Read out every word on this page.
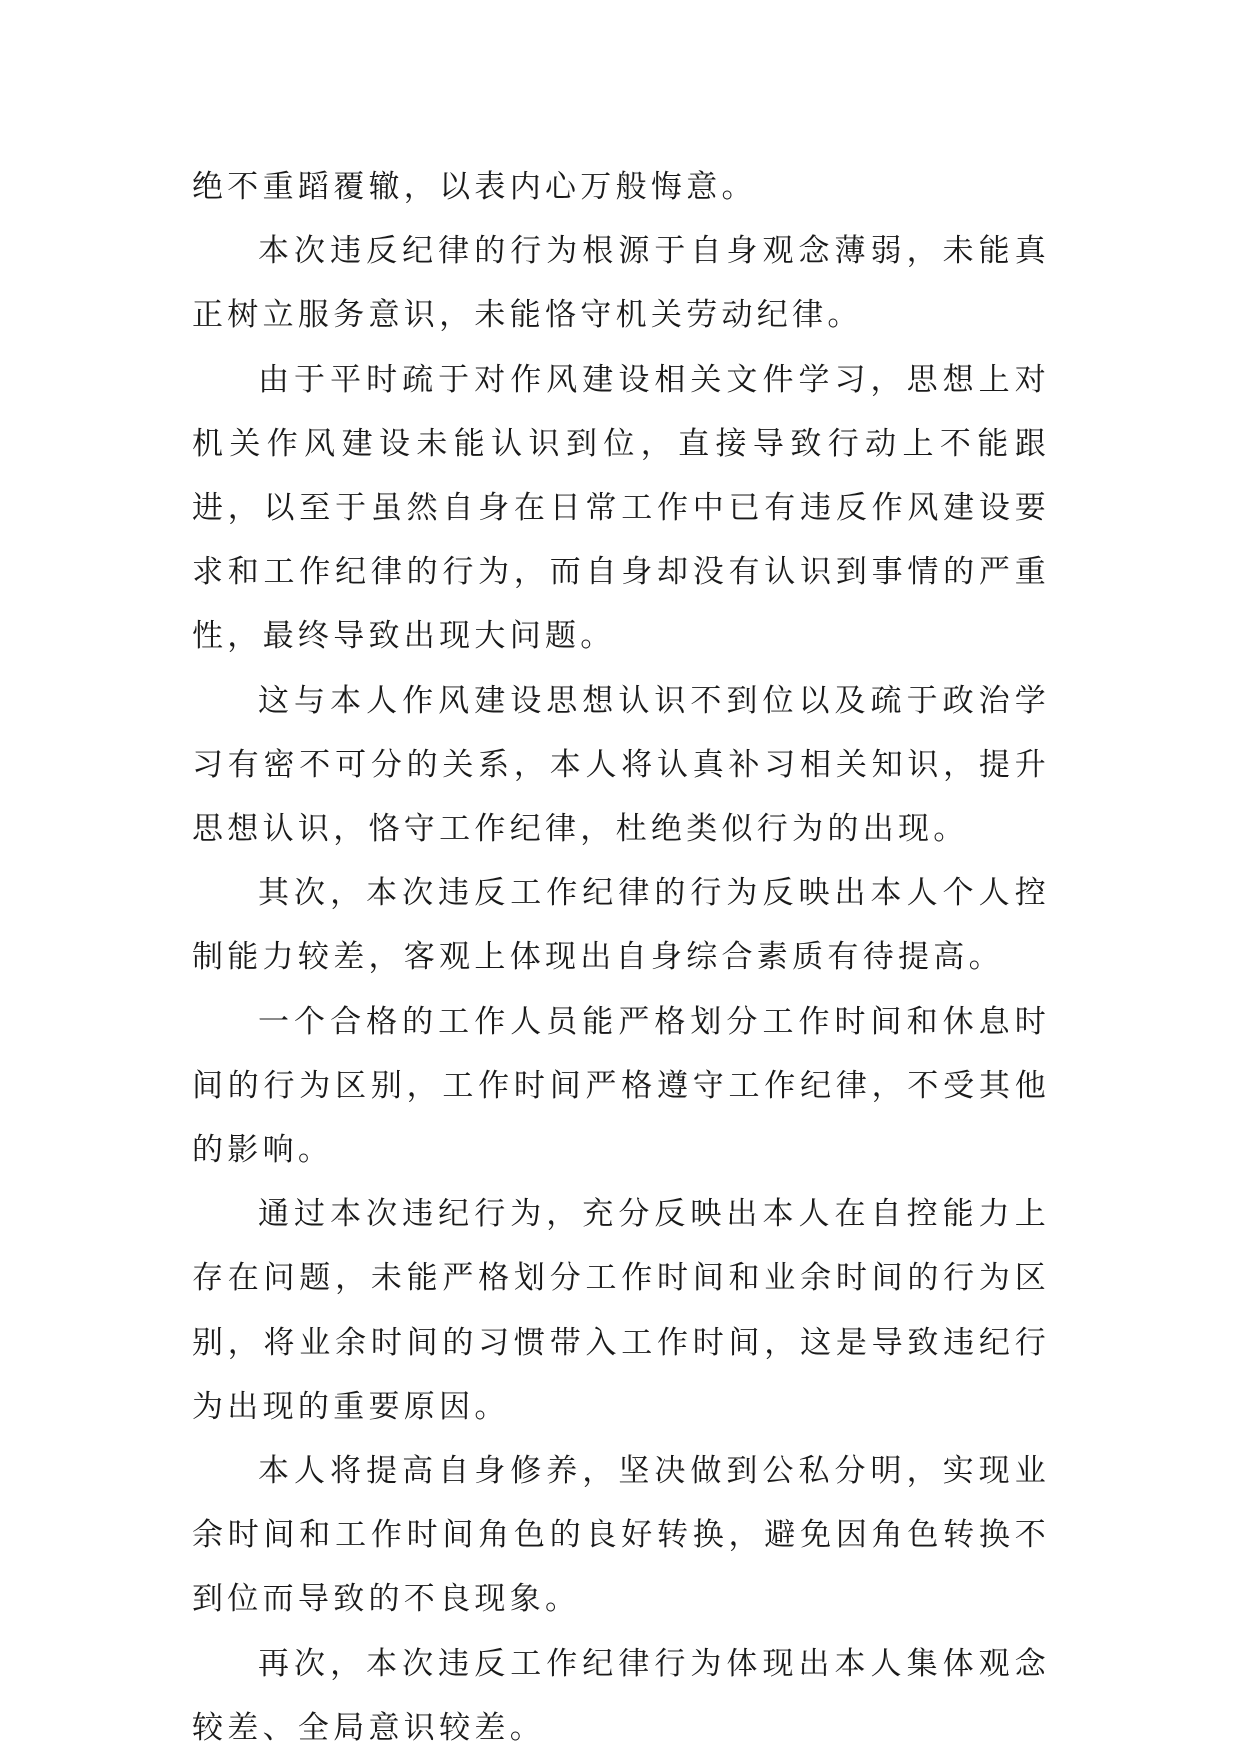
绝不重蹈覆辙，以表内心万般悔意。

本次违反纪律的行为根源于自身观念薄弱，未能真正树立服务意识，未能恪守机关劳动纪律。

由于平时疏于对作风建设相关文件学习，思想上对机关作风建设未能认识到位，直接导致行动上不能跟进，以至于虽然自身在日常工作中已有违反作风建设要求和工作纪律的行为，而自身却没有认识到事情的严重性，最终导致出现大问题。

这与本人作风建设思想认识不到位以及疏于政治学习有密不可分的关系，本人将认真补习相关知识，提升思想认识，恪守工作纪律，杜绝类似行为的出现。

其次，本次违反工作纪律的行为反映出本人个人控制能力较差，客观上体现出自身综合素质有待提高。

一个合格的工作人员能严格划分工作时间和休息时间的行为区别，工作时间严格遵守工作纪律，不受其他的影响。

通过本次违纪行为，充分反映出本人在自控能力上存在问题，未能严格划分工作时间和业余时间的行为区别，将业余时间的习惯带入工作时间，这是导致违纪行为出现的重要原因。

本人将提高自身修养，坚决做到公私分明，实现业余时间和工作时间角色的良好转换，避免因角色转换不到位而导致的不良现象。

再次，本次违反工作纪律行为体现出本人集体观念较差、全局意识较差。
